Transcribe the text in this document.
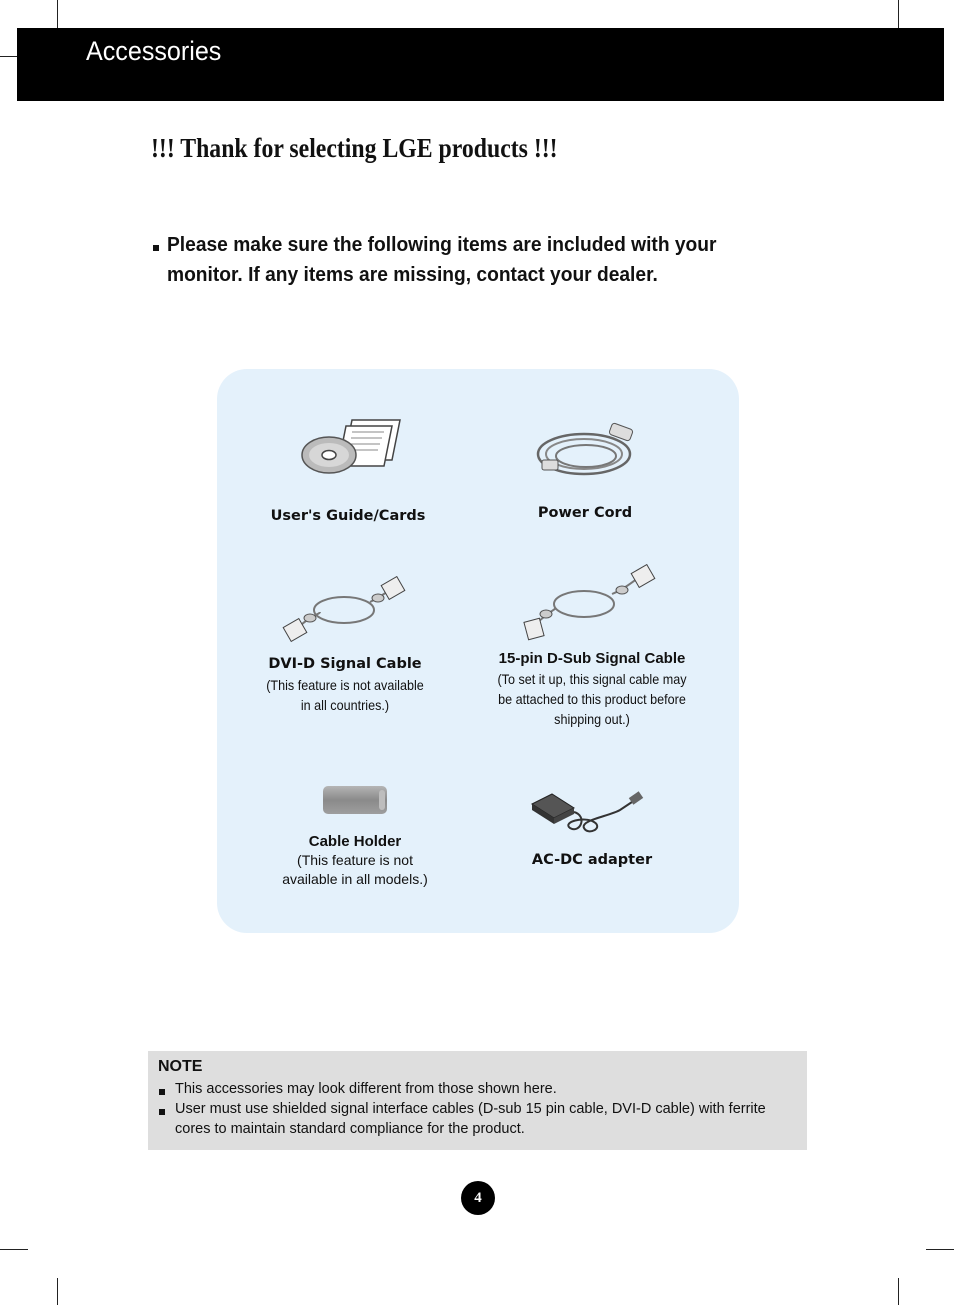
Accessories
!!! Thank for selecting LGE products !!!
Please make sure the following items are included with your
monitor. If any items are missing, contact your dealer.
User's Guide/Cards	Power Cord
DVI-D Signal Cable
(This feature is not available
in all countries.)
15-pin D-Sub Signal Cable
(To set it up, this signal cable may
be attached to this product before
shipping out.)
Cable Holder
(This feature is not
available in all models.)
AC-DC adapter
NOTE
This accessories may look different from those shown here.
User must use shielded signal interface cables (D-sub 15 pin cable, DVI-D cable) with ferrite
cores to maintain standard compliance for the product.
4
